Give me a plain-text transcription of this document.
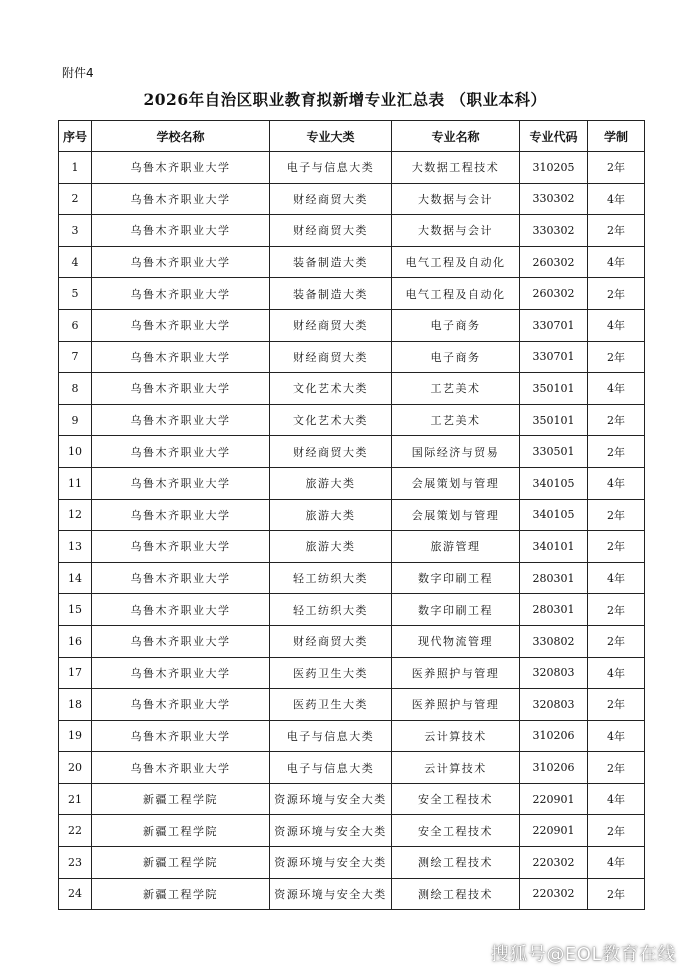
附件4
2026年自治区职业教育拟新增专业汇总表 （职业本科）
序号	学校名称	专业大类	专业名称	专业代码	学制
1	乌鲁木齐职业大学	电子与信息大类	大数据工程技术	310205	2年
2	乌鲁木齐职业大学	财经商贸大类	大数据与会计	330302	4年
3	乌鲁木齐职业大学	财经商贸大类	大数据与会计	330302	2年
4	乌鲁木齐职业大学	装备制造大类	电气工程及自动化	260302	4年
5	乌鲁木齐职业大学	装备制造大类	电气工程及自动化	260302	2年
6	乌鲁木齐职业大学	财经商贸大类	电子商务	330701	4年
7	乌鲁木齐职业大学	财经商贸大类	电子商务	330701	2年
8	乌鲁木齐职业大学	文化艺术大类	工艺美术	350101	4年
9	乌鲁木齐职业大学	文化艺术大类	工艺美术	350101	2年
10	乌鲁木齐职业大学	财经商贸大类	国际经济与贸易	330501	2年
11	乌鲁木齐职业大学	旅游大类	会展策划与管理	340105	4年
12	乌鲁木齐职业大学	旅游大类	会展策划与管理	340105	2年
13	乌鲁木齐职业大学	旅游大类	旅游管理	340101	2年
14	乌鲁木齐职业大学	轻工纺织大类	数字印刷工程	280301	4年
15	乌鲁木齐职业大学	轻工纺织大类	数字印刷工程	280301	2年
16	乌鲁木齐职业大学	财经商贸大类	现代物流管理	330802	2年
17	乌鲁木齐职业大学	医药卫生大类	医养照护与管理	320803	4年
18	乌鲁木齐职业大学	医药卫生大类	医养照护与管理	320803	2年
19	乌鲁木齐职业大学	电子与信息大类	云计算技术	310206	4年
20	乌鲁木齐职业大学	电子与信息大类	云计算技术	310206	2年
21	新疆工程学院	资源环境与安全大类	安全工程技术	220901	4年
22	新疆工程学院	资源环境与安全大类	安全工程技术	220901	2年
23	新疆工程学院	资源环境与安全大类	测绘工程技术	220302	4年
24	新疆工程学院	资源环境与安全大类	测绘工程技术	220302	2年
搜狐号@EOL教育在线
